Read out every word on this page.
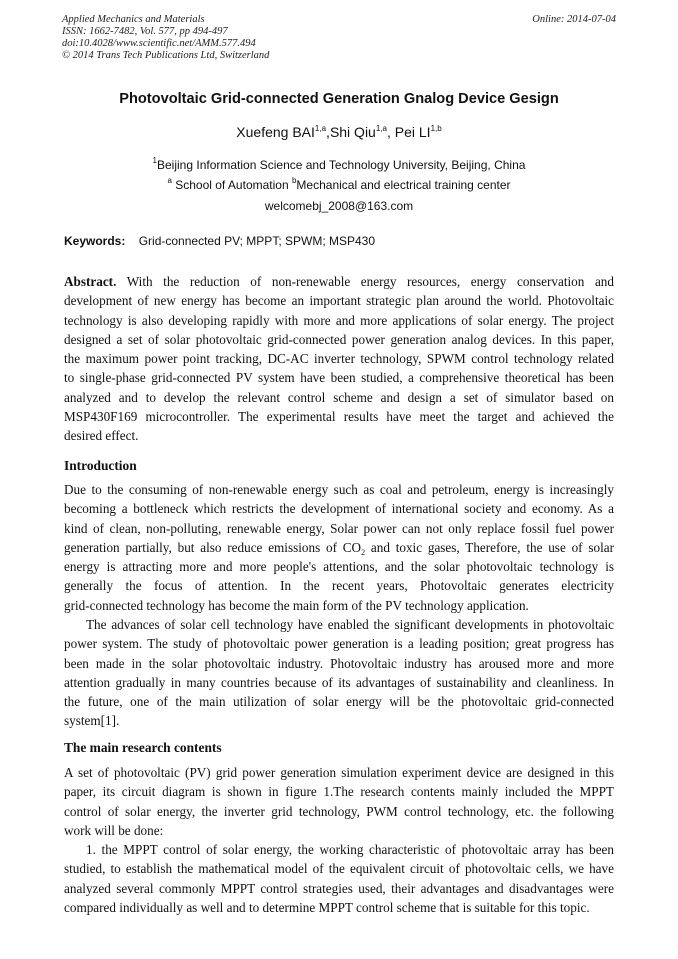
Applied Mechanics and Materials
ISSN: 1662-7482, Vol. 577, pp 494-497
doi:10.4028/www.scientific.net/AMM.577.494
© 2014 Trans Tech Publications Ltd, Switzerland
Online: 2014-07-04
Photovoltaic Grid-connected Generation Gnalog Device Gesign
Xuefeng BAI$^{1,a}$,Shi Qiu$^{1,a}$, Pei LI$^{1,b}$
$^1$Beijing Information Science and Technology University, Beijing, China
$^a$ School of Automation $^b$Mechanical and electrical training center
welcomebj_2008@163.com
Keywords: Grid-connected PV; MPPT; SPWM; MSP430
Abstract. With the reduction of non-renewable energy resources, energy conservation and
development of new energy has become an important strategic plan around the world. Photovoltaic
technology is also developing rapidly with more and more applications of solar energy. The project
designed a set of solar photovoltaic grid-connected power generation analog devices. In this paper,
the maximum power point tracking, DC-AC inverter technology, SPWM control technology related
to single-phase grid-connected PV system have been studied, a comprehensive theoretical has been
analyzed and to develop the relevant control scheme and design a set of simulator based on
MSP430F169 microcontroller. The experimental results have meet the target and achieved the
desired effect.
Introduction
Due to the consuming of non-renewable energy such as coal and petroleum, energy is increasingly
becoming a bottleneck which restricts the development of international society and economy. As a
kind of clean, non-polluting, renewable energy, Solar power can not only replace fossil fuel power
generation partially, but also reduce emissions of $CO_2$ and toxic gases, Therefore, the use of solar
energy is attracting more and more people's attentions, and the solar photovoltaic technology is
generally the focus of attention. In the recent years, Photovoltaic generates electricity
grid-connected technology has become the main form of the PV technology application.
The advances of solar cell technology have enabled the significant developments in photovoltaic
power system. The study of photovoltaic power generation is a leading position; great progress has
been made in the solar photovoltaic industry. Photovoltaic industry has aroused more and more
attention gradually in many countries because of its advantages of sustainability and cleanliness. In
the future, one of the main utilization of solar energy will be the photovoltaic grid-connected
system[1].
The main research contents
A set of photovoltaic (PV) grid power generation simulation experiment device are designed in this
paper, its circuit diagram is shown in figure 1.The research contents mainly included the MPPT
control of solar energy, the inverter grid technology, PWM control technology, etc. the following
work will be done:
1. the MPPT control of solar energy, the working characteristic of photovoltaic array has been
studied, to establish the mathematical model of the equivalent circuit of photovoltaic cells, we have
analyzed several commonly MPPT control strategies used, their advantages and disadvantages were
compared individually as well and to determine MPPT control scheme that is suitable for this topic.
